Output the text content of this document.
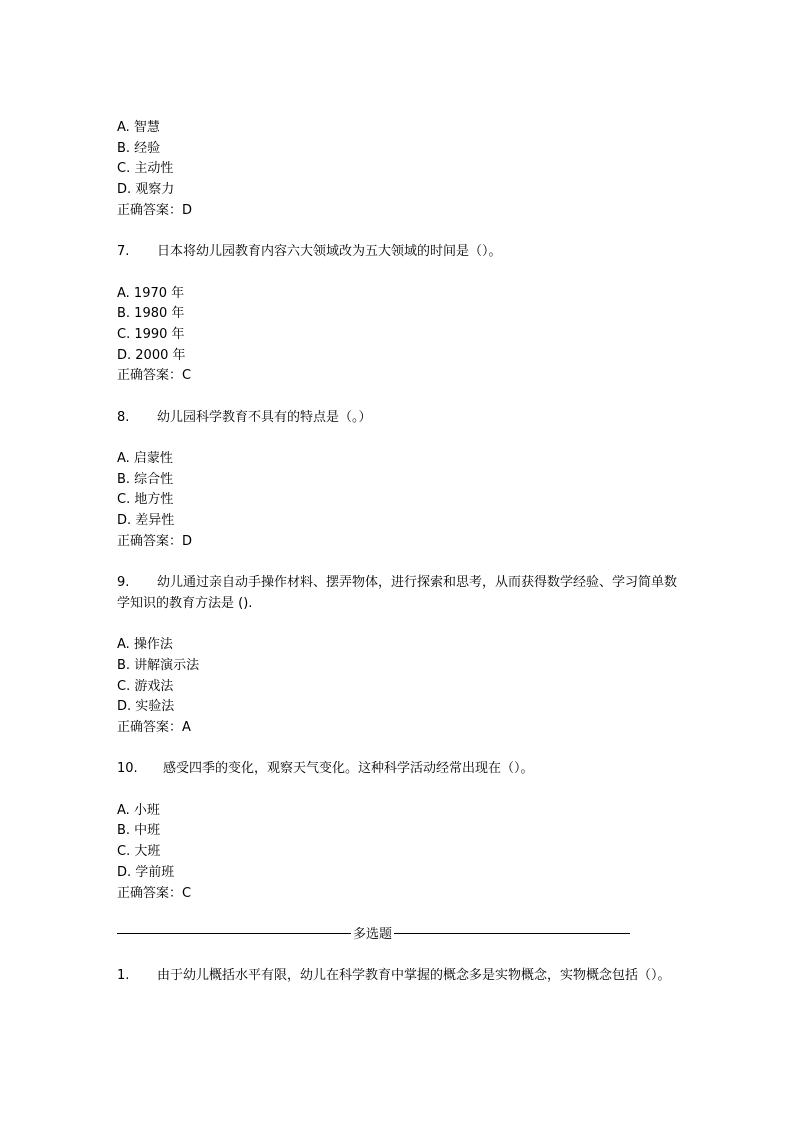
A. 智慧
B. 经验
C. 主动性
D. 观察力
正确答案：D
7. 日本将幼儿园教育内容六大领域改为五大领域的时间是（）。
A. 1970 年
B. 1980 年
C. 1990 年
D. 2000 年
正确答案：C
8. 幼儿园科学教育不具有的特点是（。）
A. 启蒙性
B. 综合性
C. 地方性
D. 差异性
正确答案：D
9. 幼儿通过亲自动手操作材料、摆弄物体，进行探索和思考，从而获得数学经验、学习简单数学知识的教育方法是 ().
A. 操作法
B. 讲解演示法
C. 游戏法
D. 实验法
正确答案：A
10. 感受四季的变化，观察天气变化。这种科学活动经常出现在（）。
A. 小班
B. 中班
C. 大班
D. 学前班
正确答案：C
多选题
1. 由于幼儿概括水平有限，幼儿在科学教育中掌握的概念多是实物概念，实物概念包括（）。
